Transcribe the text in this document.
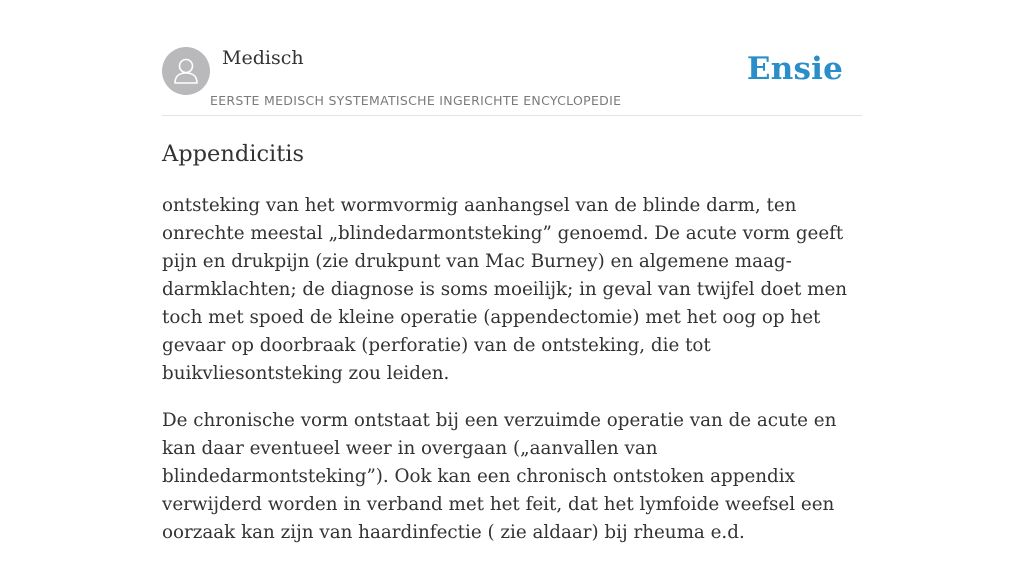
Medisch
EERSTE MEDISCH SYSTEMATISCHE INGERICHTE ENCYCLOPEDIE
Ensie
Appendicitis

ontsteking van het wormvormig aanhangsel van de blinde darm, ten onrechte meestal „blindedarmontsteking” genoemd. De acute vorm geeft pijn en drukpijn (zie drukpunt van Mac Burney) en algemene maag-darmklachten; de diagnose is soms moeilijk; in geval van twijfel doet men toch met spoed de kleine operatie (appendectomie) met het oog op het gevaar op doorbraak (perforatie) van de ontsteking, die tot buikvliesontsteking zou leiden.

De chronische vorm ontstaat bij een verzuimde operatie van de acute en kan daar eventueel weer in overgaan („aanvallen van blindedarmontsteking”). Ook kan een chronisch ontstoken appendix verwijderd worden in verband met het feit, dat het lymfoide weefsel een oorzaak kan zijn van haardinfectie ( zie aldaar) bij rheuma e.d.
